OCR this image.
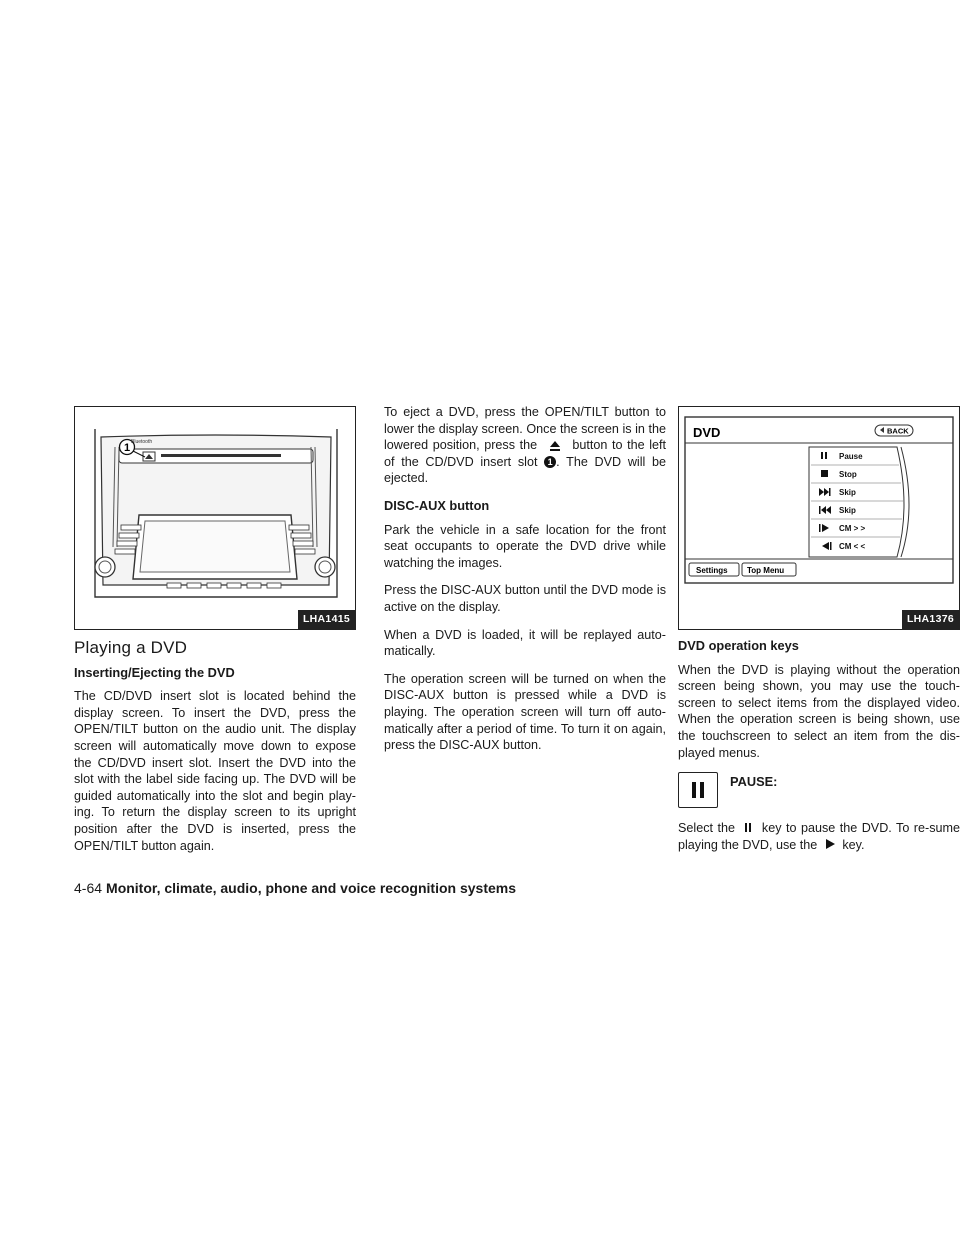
1 Bluetooth
LHA1415
Playing a DVD
Inserting/Ejecting the DVD

The CD/DVD insert slot is located behind the display screen. To insert the DVD, press the OPEN/TILT button on the audio unit. The display screen will automatically move down to expose the CD/DVD insert slot. Insert the DVD into the slot with the label side facing up. The DVD will be guided automatically into the slot and begin play-ing. To return the display screen to its upright position after the DVD is inserted, press the OPEN/TILT button again.

To eject a DVD, press the OPEN/TILT button to lower the display screen. Once the screen is in the lowered position, press the	button to the left of the CD/DVD insert slot 1 . The DVD will be ejected.

DISC-AUX button

Park the vehicle in a safe location for the front seat occupants to operate the DVD drive while watching the images.

Press the DISC-AUX button until the DVD mode is active on the display.

When a DVD is loaded, it will be replayed auto-matically.

The operation screen will be turned on when the DISC-AUX button is pressed while a DVD is playing. The operation screen will turn off auto-matically after a period of time. To turn it on again, press the DISC-AUX button.

DVD	BACK
Pause
Stop
Skip
Skip
CM > >
CM < <
Settings Top Menu
LHA1376
DVD operation keys

When the DVD is playing without the operation screen being shown, you may use the touch-screen to select items from the displayed video. When the operation screen is being shown, use the touchscreen to select an item from the dis-played menus.

PAUSE:

Select the key to pause the DVD. To re-sume playing the DVD, use the key.

4-64 Monitor, climate, audio, phone and voice recognition systems
